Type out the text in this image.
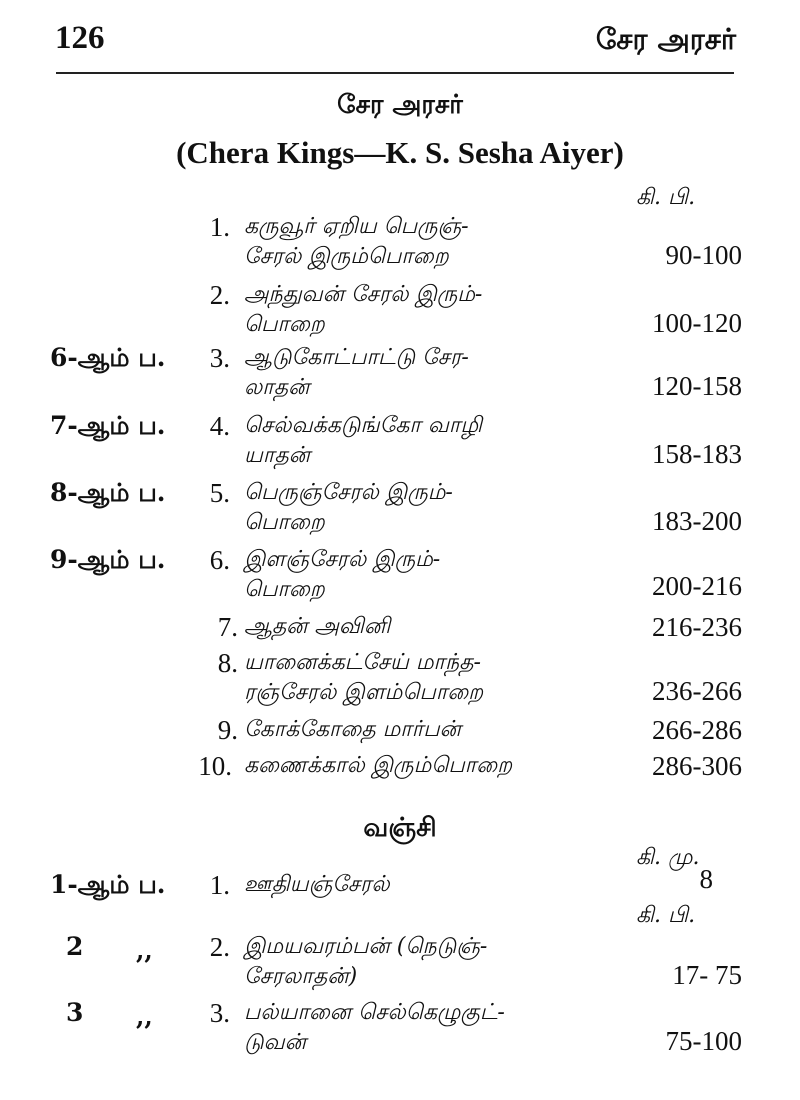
126	சேர அரசர்
சேர அரசர்
(Chera Kings—K. S. Sesha Aiyer)
கி. பி.
1. கருவூர் ஏறிய பெருஞ்-
சேரல் இரும்பொறை	90-100
2. அந்துவன் சேரல் இரும்-
பொறை	100-120
6-ஆம் ப.	3. ஆடுகோட்பாட்டு சேர-
லாதன்	120-158
7-ஆம் ப.	4. செல்வக்கடுங்கோ வாழி
யாதன்	158-183
8-ஆம் ப.	5. பெருஞ்சேரல் இரும்-
பொறை	183-200
9-ஆம் ப.	6. இளஞ்சேரல் இரும்-
பொறை	200-216
7. ஆதன் அவினி	216-236
8. யானைக்கட்சேய் மாந்த-
ரஞ்சேரல் இளம்பொறை	236-266
9. கோக்கோதை மார்பன்	266-286
10. கணைக்கால் இரும்பொறை	286-306
வஞ்சி
கி. மு.
1-ஆம் ப.	1. ஊதியஞ்சேரல்	8
கி. பி.
2 ,,	2. இமயவரம்பன் (நெடுஞ்-
சேரலாதன்)	17- 75
3 ,,	3. பல்யானை செல்கெழுகுட்-
டுவன்	75-100
